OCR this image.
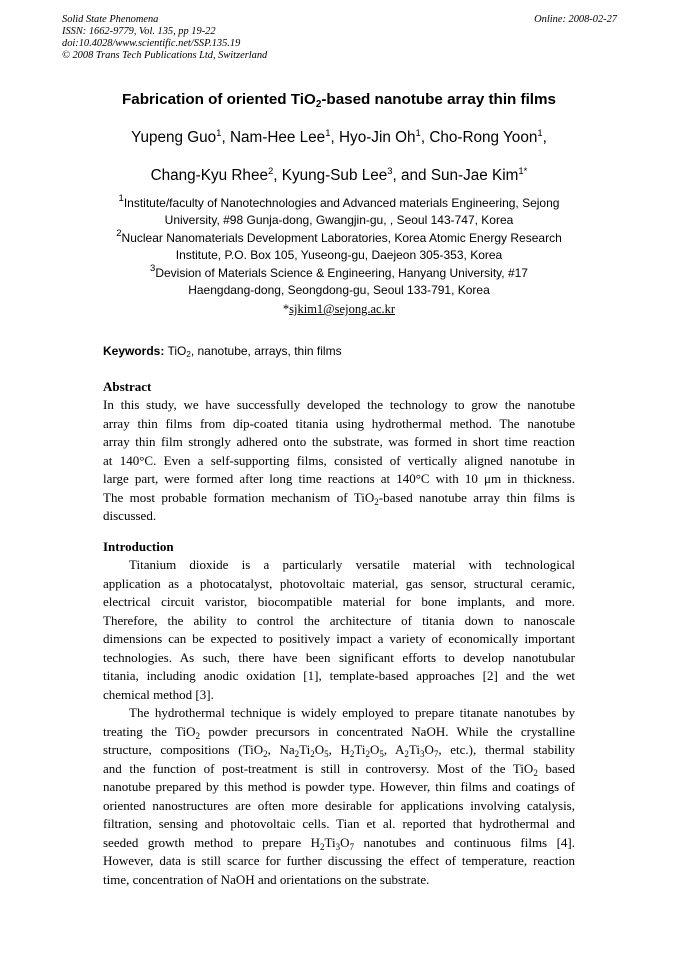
Solid State Phenomena
ISSN: 1662-9779, Vol. 135, pp 19-22
doi:10.4028/www.scientific.net/SSP.135.19
© 2008 Trans Tech Publications Ltd, Switzerland
Online: 2008-02-27
Fabrication of oriented TiO$_2$-based nanotube array thin films
Yupeng Guo$^1$, Nam-Hee Lee$^1$, Hyo-Jin Oh$^1$, Cho-Rong Yoon$^1$,
Chang-Kyu Rhee$^2$, Kyung-Sub Lee$^3$, and Sun-Jae Kim$^{1*}$
$^1$Institute/faculty of Nanotechnologies and Advanced materials Engineering, Sejong
University, #98 Gunja-dong, Gwangjin-gu, , Seoul 143-747, Korea
$^2$Nuclear Nanomaterials Development Laboratories, Korea Atomic Energy Research
Institute, P.O. Box 105, Yuseong-gu, Daejeon 305-353, Korea
$^3$Devision of Materials Science & Engineering, Hanyang University, #17
Haengdang-dong, Seongdong-gu, Seoul 133-791, Korea
*sjkim1@sejong.ac.kr
Keywords: TiO$_2$, nanotube, arrays, thin films
Abstract
In this study, we have successfully developed the technology to grow the nanotube
array thin films from dip-coated titania using hydrothermal method. The nanotube
array thin film strongly adhered onto the substrate, was formed in short time reaction
at 140°C. Even a self-supporting films, consisted of vertically aligned nanotube in
large part, were formed after long time reactions at 140°C with 10 μm in thickness.
The most probable formation mechanism of TiO$_2$-based nanotube array thin films is
discussed.
Introduction
Titanium dioxide is a particularly versatile material with technological
application as a photocatalyst, photovoltaic material, gas sensor, structural ceramic,
electrical circuit varistor, biocompatible material for bone implants, and more.
Therefore, the ability to control the architecture of titania down to nanoscale
dimensions can be expected to positively impact a variety of economically important
technologies. As such, there have been significant efforts to develop nanotubular
titania, including anodic oxidation [1], template-based approaches [2] and the wet
chemical method [3].
The hydrothermal technique is widely employed to prepare titanate nanotubes by
treating the TiO$_2$ powder precursors in concentrated NaOH. While the crystalline
structure, compositions (TiO$_2$, $Na_2Ti_2O_5$, $H_2Ti_2O_5$, $A_2Ti_3O_7$, etc.), thermal stability
and the function of post-treatment is still in controversy. Most of the TiO$_2$ based
nanotube prepared by this method is powder type. However, thin films and coatings of
oriented nanostructures are often more desirable for applications involving catalysis,
filtration, sensing and photovoltaic cells. Tian et al. reported that hydrothermal and
seeded growth method to prepare $H_2Ti_3O_7$ nanotubes and continuous films [4].
However, data is still scarce for further discussing the effect of temperature, reaction
time, concentration of NaOH and orientations on the substrate.
